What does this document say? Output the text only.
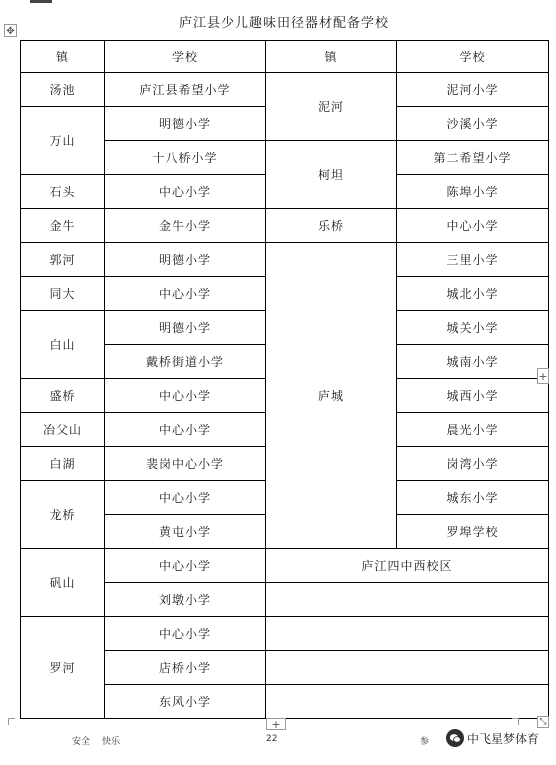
✥
庐江县少儿趣味田径器材配备学校
镇	学校	镇	学校
汤池	庐江县希望小学	泥河	泥河小学
万山	明德小学		沙溪小学
	十八桥小学	柯坦	第二希望小学
石头	中心小学		陈埠小学
金牛	金牛小学	乐桥	中心小学
郭河	明德小学	庐城	三里小学
同大	中心小学		城北小学
白山	明德小学		城关小学
	戴桥街道小学		城南小学
盛桥	中心小学		城西小学
冶父山	中心小学		晨光小学
白湖	裴岗中心小学		岗湾小学
龙桥	中心小学		城东小学
	黄屯小学		罗埠学校
矾山	中心小学	庐江四中西校区	
	刘墩小学		
罗河	中心小学		
	店桥小学		
	东风小学		
+
+	⤡
安全 快乐	22	参	中飞星梦体育
